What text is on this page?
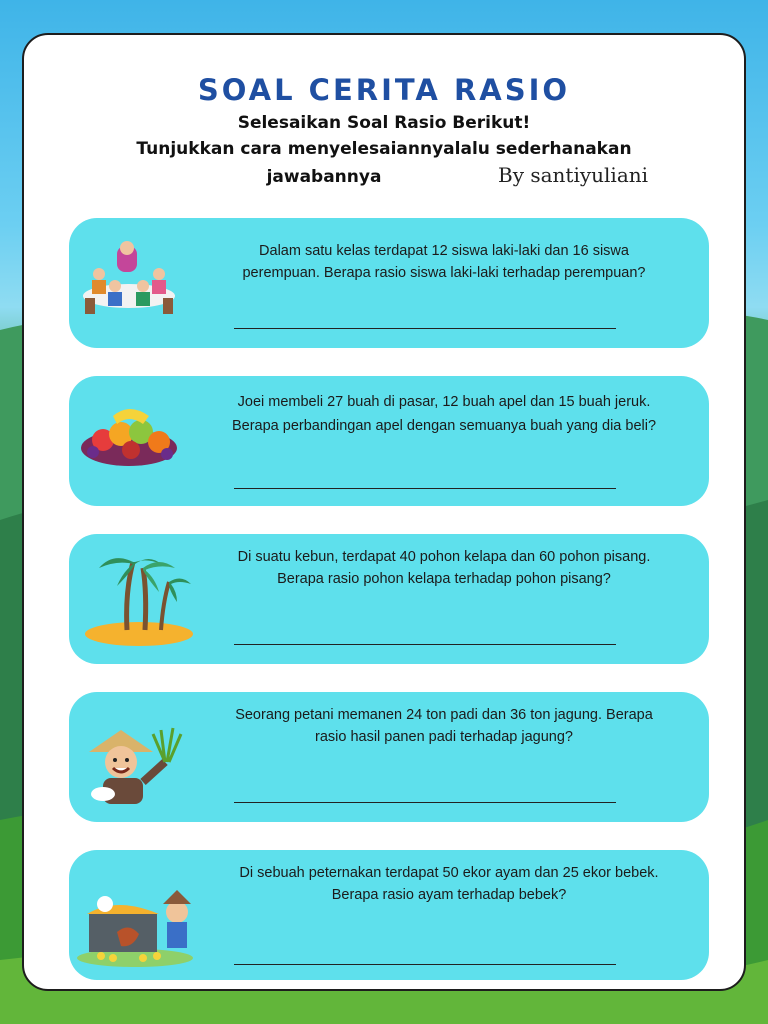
SOAL CERITA RASIO
Selesaikan Soal Rasio Berikut!
Tunjukkan cara menyelesaiannyalalu sederhanakan
jawabannya	By santiyuliani
Dalam satu kelas terdapat 12 siswa laki-laki dan 16 siswa
perempuan. Berapa rasio siswa laki-laki terhadap perempuan?
Joei membeli 27 buah di pasar, 12 buah apel dan 15 buah jeruk.
Berapa perbandingan apel dengan semuanya buah yang dia beli?
Di suatu kebun, terdapat 40 pohon kelapa dan 60 pohon pisang.
Berapa rasio pohon kelapa terhadap pohon pisang?
Seorang petani memanen 24 ton padi dan 36 ton jagung. Berapa
rasio hasil panen padi terhadap jagung?
Di sebuah peternakan terdapat 50 ekor ayam dan 25 ekor bebek.
Berapa rasio ayam terhadap bebek?
